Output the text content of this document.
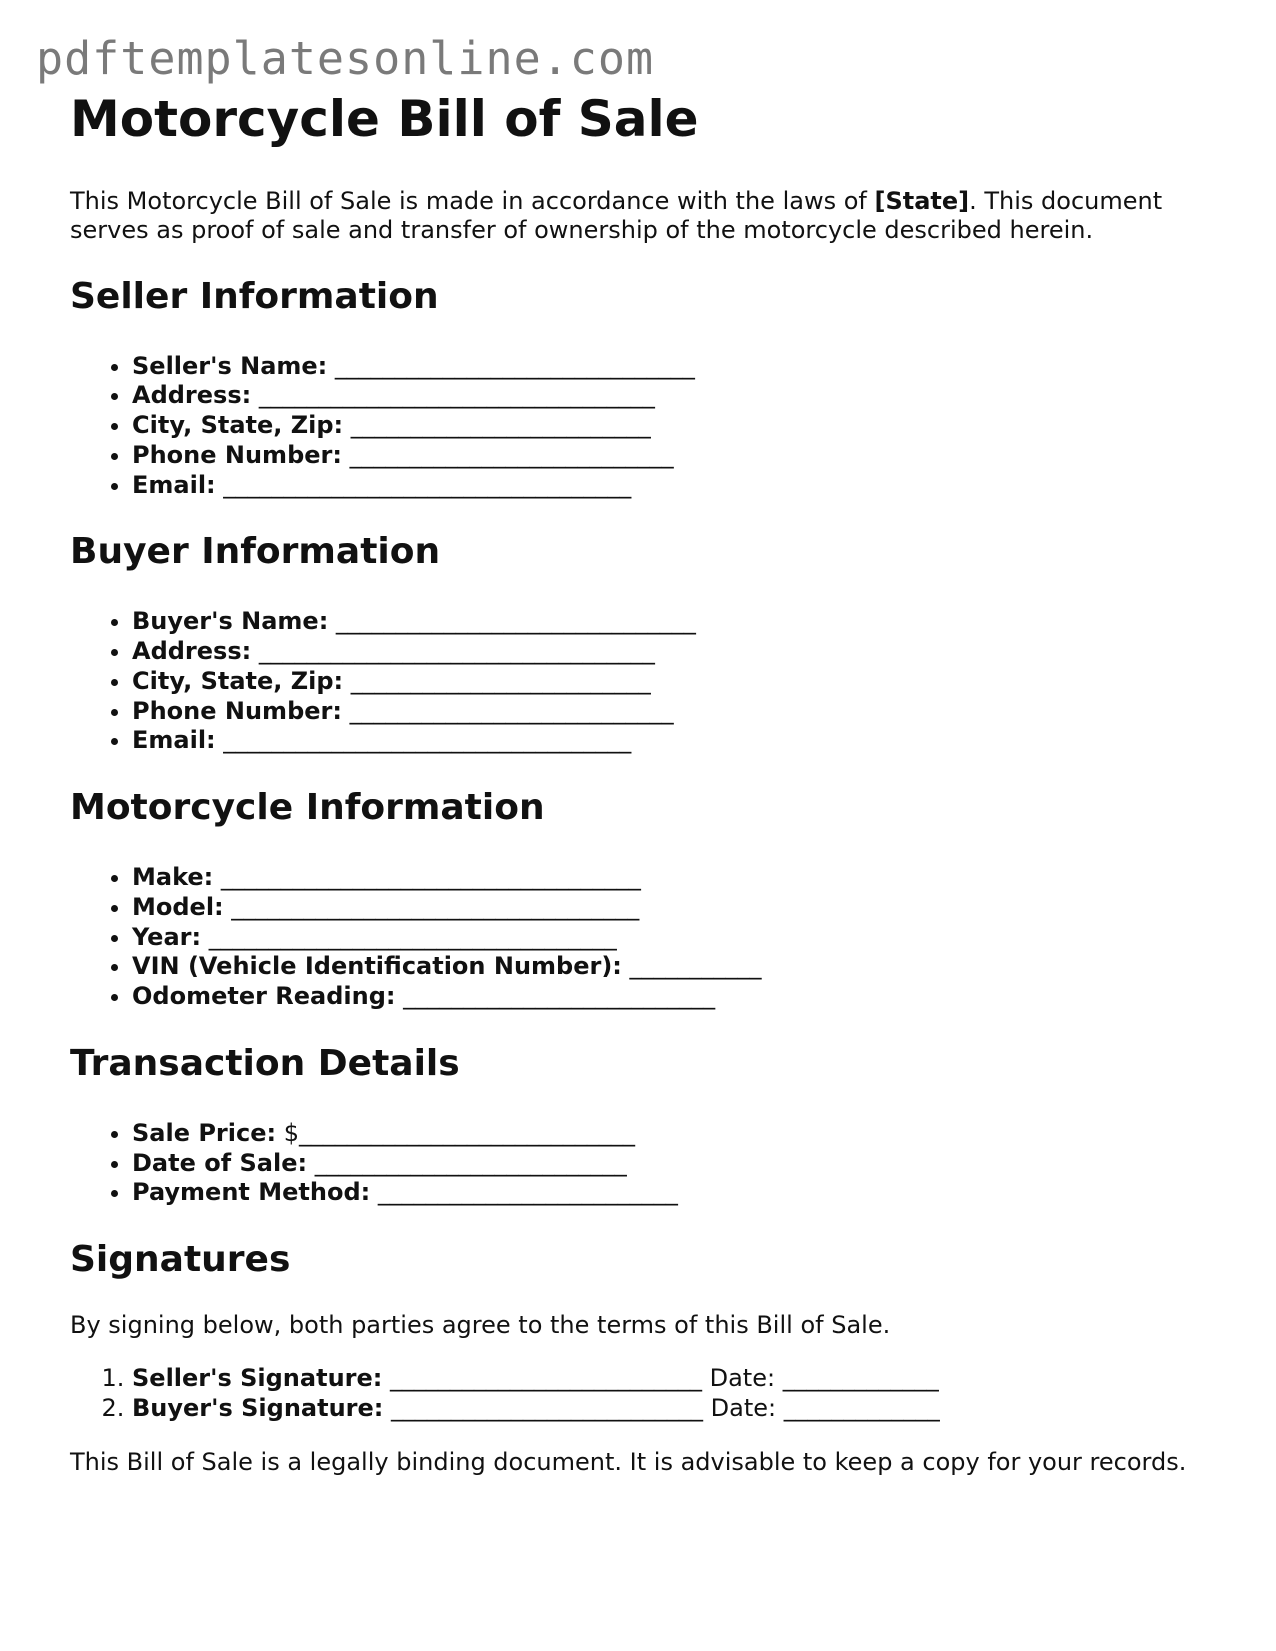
pdftemplatesonline.com
Motorcycle Bill of Sale

This Motorcycle Bill of Sale is made in accordance with the laws of [State]. This document serves as proof of sale and transfer of ownership of the motorcycle described herein.

Seller Information
• Seller's Name: ______________________________
• Address: _________________________________
• City, State, Zip: _________________________
• Phone Number: ___________________________
• Email: __________________________________
Buyer Information
• Buyer's Name: ______________________________
• Address: _________________________________
• City, State, Zip: _________________________
• Phone Number: ___________________________
• Email: __________________________________
Motorcycle Information
• Make: ___________________________________
• Model: __________________________________
• Year: __________________________________
• VIN (Vehicle Identification Number): ___________
• Odometer Reading: __________________________
Transaction Details
• Sale Price: $____________________________
• Date of Sale: __________________________
• Payment Method: _________________________
Signatures

By signing below, both parties agree to the terms of this Bill of Sale.

1. Seller's Signature: __________________________ Date: _____________
2. Buyer's Signature: __________________________ Date: _____________

This Bill of Sale is a legally binding document. It is advisable to keep a copy for your records.
